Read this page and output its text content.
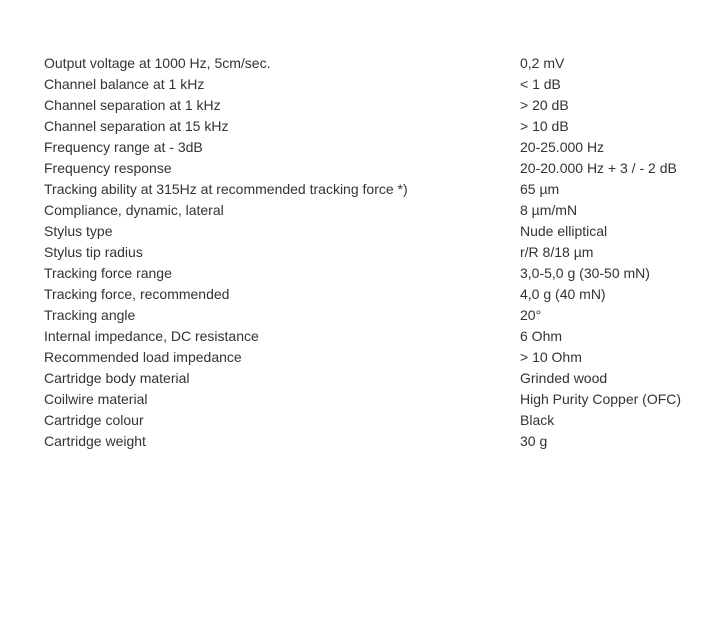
Output voltage at 1000 Hz, 5cm/sec.	0,2 mV
Channel balance at 1 kHz	< 1 dB
Channel separation at 1 kHz	> 20 dB
Channel separation at 15 kHz	> 10 dB
Frequency range at - 3dB	20-25.000 Hz
Frequency response	20-20.000 Hz + 3 / - 2 dB
Tracking ability at 315Hz at recommended tracking force *)	65 µm
Compliance, dynamic, lateral	8 µm/mN
Stylus type	Nude elliptical
Stylus tip radius	r/R 8/18 µm
Tracking force range	3,0-5,0 g (30-50 mN)
Tracking force, recommended	4,0 g (40 mN)
Tracking angle	20°
Internal impedance, DC resistance	6 Ohm
Recommended load impedance	> 10 Ohm
Cartridge body material	Grinded wood
Coilwire material	High Purity Copper (OFC)
Cartridge colour	Black
Cartridge weight	30 g
